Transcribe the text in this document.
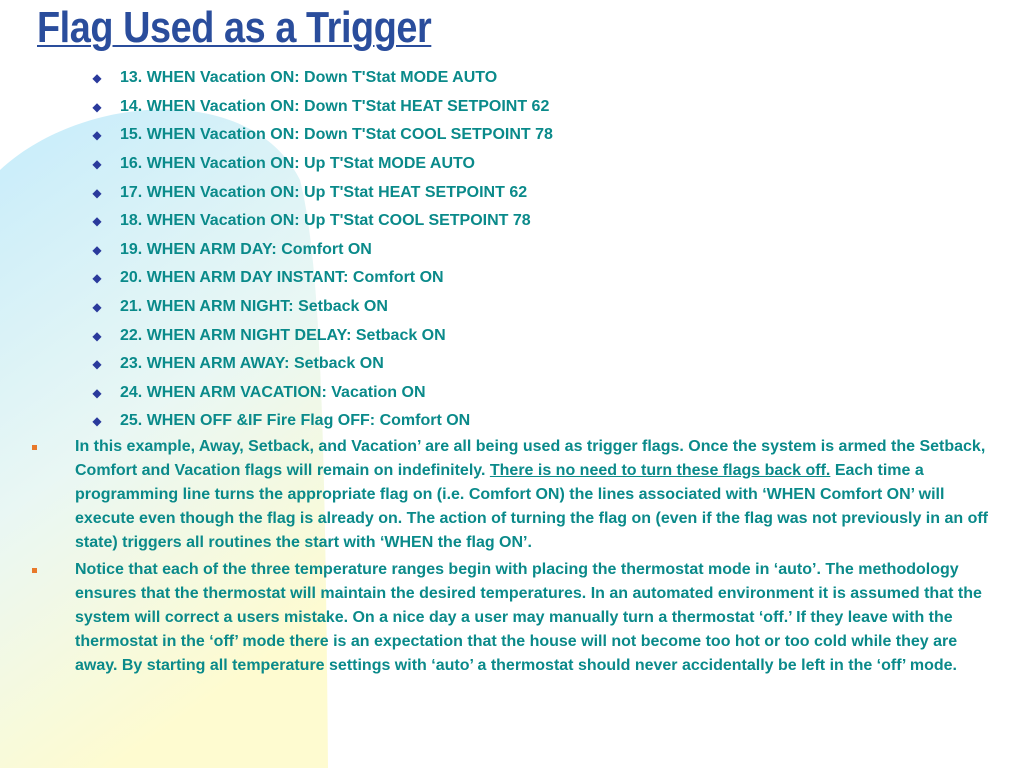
Flag Used as a Trigger
◆ 13. WHEN Vacation ON: Down T'Stat MODE AUTO
◆ 14. WHEN Vacation ON: Down T'Stat HEAT SETPOINT 62
◆ 15. WHEN Vacation ON: Down T'Stat COOL SETPOINT 78
◆ 16. WHEN Vacation ON: Up T'Stat MODE AUTO
◆ 17. WHEN Vacation ON: Up T'Stat HEAT SETPOINT 62
◆ 18. WHEN Vacation ON: Up T'Stat COOL SETPOINT 78
◆ 19. WHEN ARM DAY: Comfort ON
◆ 20. WHEN ARM DAY INSTANT: Comfort ON
◆ 21. WHEN ARM NIGHT: Setback ON
◆ 22. WHEN ARM NIGHT DELAY: Setback ON
◆ 23. WHEN ARM AWAY: Setback ON
◆ 24. WHEN ARM VACATION: Vacation ON
◆ 25. WHEN OFF &IF Fire Flag OFF: Comfort ON
In this example, Away, Setback, and Vacation’ are all being used as trigger flags. Once the system is armed the Setback, Comfort and Vacation flags will remain on indefinitely. There is no need to turn these flags back off. Each time a programming line turns the appropriate flag on (i.e. Comfort ON) the lines associated with ‘WHEN Comfort ON’ will execute even though the flag is already on. The action of turning the flag on (even if the flag was not previously in an off state) triggers all routines the start with ‘WHEN the flag ON’.
Notice that each of the three temperature ranges begin with placing the thermostat mode in ‘auto’. The methodology ensures that the thermostat will maintain the desired temperatures. In an automated environment it is assumed that the system will correct a users mistake. On a nice day a user may manually turn a thermostat ‘off.’ If they leave with the thermostat in the ‘off’ mode there is an expectation that the house will not become too hot or too cold while they are away. By starting all temperature settings with ‘auto’ a thermostat should never accidentally be left in the ‘off’ mode.
